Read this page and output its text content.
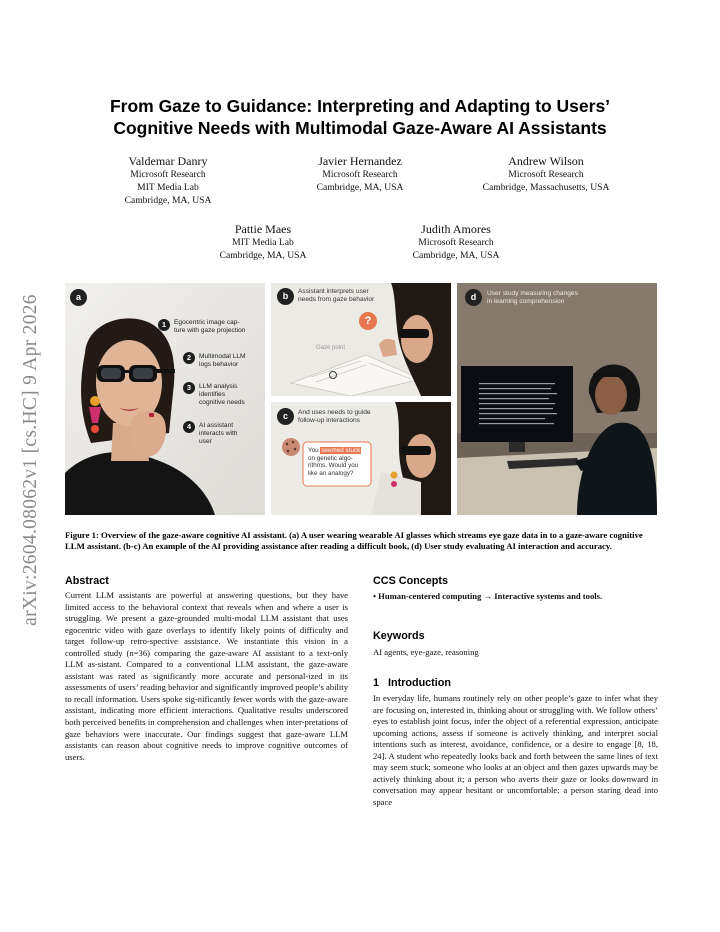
arXiv:2604.08062v1 [cs.HC] 9 Apr 2026
From Gaze to Guidance: Interpreting and Adapting to Users’
Cognitive Needs with Multimodal Gaze-Aware AI Assistants
Valdemar Danry
Microsoft Research
MIT Media Lab
Cambridge, MA, USA
Javier Hernandez
Microsoft Research
Cambridge, MA, USA
Andrew Wilson
Microsoft Research
Cambridge, Massachusetts, USA
Pattie Maes
MIT Media Lab
Cambridge, MA, USA
Judith Amores
Microsoft Research
Cambridge, MA, USA
a
1	Egocentric image cap-
ture with gaze projection
2	Multimodal LLM
logs behavior
3	LLM analysis
identifies
cognitive needs
4	AI assistant
interacts with
user
b	Assistant interprets user
needs from gaze behavior
?
Gaze point
c	And uses needs to guide
follow-up interactions
You seemed stuck
on genetic algo-
rithms. Would you
like an analogy?
d	User study measuring changes
in learning comprehension
Figure 1: Overview of the gaze-aware cognitive AI assistant. (a) A user wearing wearable AI glasses which streams eye gaze data in to a gaze-aware cognitive LLM assistant. (b-c) An example of the AI providing assistance after reading a difficult book, (d) User study evaluating AI interaction and accuracy.
Abstract
Current LLM assistants are powerful at answering questions, but they have limited access to the behavioral context that reveals when and where a user is struggling. We present a gaze-grounded multi-modal LLM assistant that uses egocentric video with gaze overlays to identify likely points of difficulty and target follow-up retro-spective assistance. We instantiate this vision in a controlled study (n=36) comparing the gaze-aware AI assistant to a text-only LLM as-sistant. Compared to a conventional LLM assistant, the gaze-aware assistant was rated as significantly more accurate and personal-ized in its assessments of users’ reading behavior and significantly improved people’s ability to recall information. Users spoke sig-nificantly fewer words with the gaze-aware assistant, indicating more efficient interactions. Qualitative results underscored both perceived benefits in comprehension and challenges when inter-pretations of gaze behaviors were inaccurate. Our findings suggest that gaze-aware LLM assistants can reason about cognitive needs to improve cognitive outcomes of users.
CCS Concepts
• Human-centered computing → Interactive systems and tools.
Keywords
AI agents, eye-gaze, reasoning
1   Introduction
In everyday life, humans routinely rely on other people’s gaze to infer what they are focusing on, interested in, thinking about or struggling with. We follow others’ eyes to establish joint focus, infer the object of a referential expression, anticipate upcoming actions, assess if someone is actively thinking, and interpret social intentions such as interest, avoidance, confidence, or a desire to engage [8, 18, 24]. A student who repeatedly looks back and forth between the same lines of text may seem stuck; someone who looks at an object and then gazes upwards may be actively thinking about it; a person who averts their gaze or looks downward in conversation may appear hesitant or uncomfortable; a person staring dead into space
